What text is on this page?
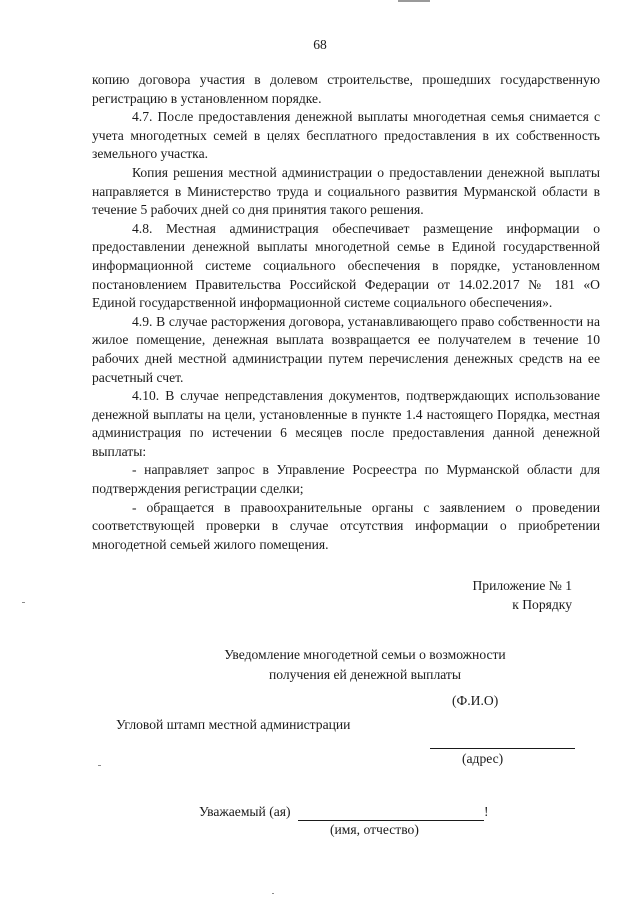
68

копию договора участия в долевом строительстве, прошедших государственную регистрацию в установленном порядке.

4.7. После предоставления денежной выплаты многодетная семья снимается с учета многодетных семей в целях бесплатного предоставления в их собственность земельного участка.

Копия решения местной администрации о предоставлении денежной выплаты направляется в Министерство труда и социального развития Мурманской области в течение 5 рабочих дней со дня принятия такого решения.

4.8. Местная администрация обеспечивает размещение информации о предоставлении денежной выплаты многодетной семье в Единой государственной информационной системе социального обеспечения в порядке, установленном постановлением Правительства Российской Федерации от 14.02.2017 № 181 «О Единой государственной информационной системе социального обеспечения».

4.9. В случае расторжения договора, устанавливающего право собственности на жилое помещение, денежная выплата возвращается ее получателем в течение 10 рабочих дней местной администрации путем перечисления денежных средств на ее расчетный счет.

4.10. В случае непредставления документов, подтверждающих использование денежной выплаты на цели, установленные в пункте 1.4 настоящего Порядка, местная администрация по истечении 6 месяцев после предоставления данной денежной выплаты:

- направляет запрос в Управление Росреестра по Мурманской области для подтверждения регистрации сделки;

- обращается в правоохранительные органы с заявлением о проведении соответствующей проверки в случае отсутствия информации о приобретении многодетной семьей жилого помещения.

Приложение № 1
к Порядку
Уведомление многодетной семьи о возможности
получения ей денежной выплаты
(Ф.И.О)
Угловой штамп местной администрации
(адрес)
Уважаемый (ая)	!
(имя, отчество)
